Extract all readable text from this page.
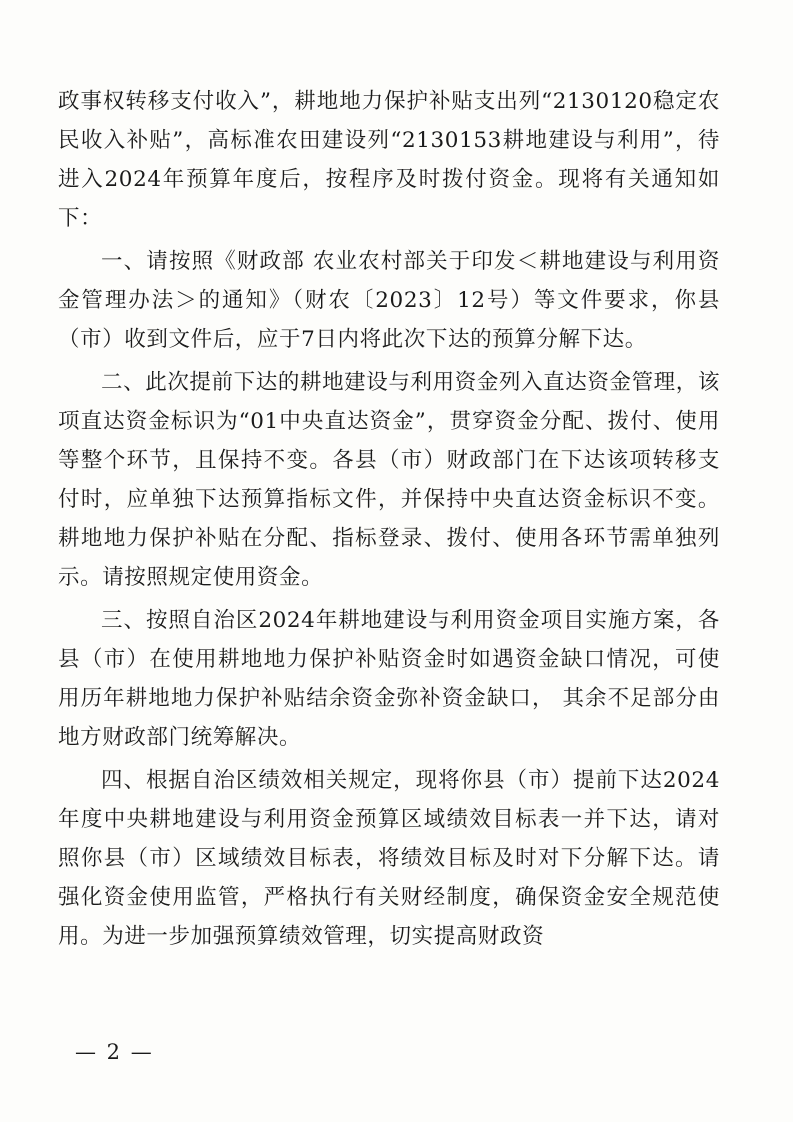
政事权转移支付收入”，耕地地力保护补贴支出列“2130120稳定农民收入补贴”，高标准农田建设列“2130153耕地建设与利用”，待进入2024年预算年度后，按程序及时拨付资金。现将有关通知如下：

一、请按照《财政部 农业农村部关于印发＜耕地建设与利用资金管理办法＞的通知》（财农〔2023〕12号）等文件要求，你县（市）收到文件后，应于7日内将此次下达的预算分解下达。

二、此次提前下达的耕地建设与利用资金列入直达资金管理，该项直达资金标识为“01中央直达资金”，贯穿资金分配、拨付、使用等整个环节，且保持不变。各县（市）财政部门在下达该项转移支付时，应单独下达预算指标文件，并保持中央直达资金标识不变。耕地地力保护补贴在分配、指标登录、拨付、使用各环节需单独列示。请按照规定使用资金。

三、按照自治区2024年耕地建设与利用资金项目实施方案，各县（市）在使用耕地地力保护补贴资金时如遇资金缺口情况，可使用历年耕地地力保护补贴结余资金弥补资金缺口， 其余不足部分由地方财政部门统筹解决。

四、根据自治区绩效相关规定，现将你县（市）提前下达2024年度中央耕地建设与利用资金预算区域绩效目标表一并下达，请对照你县（市）区域绩效目标表，将绩效目标及时对下分解下达。请强化资金使用监管，严格执行有关财经制度，确保资金安全规范使用。为进一步加强预算绩效管理，切实提高财政资

— 2 —
